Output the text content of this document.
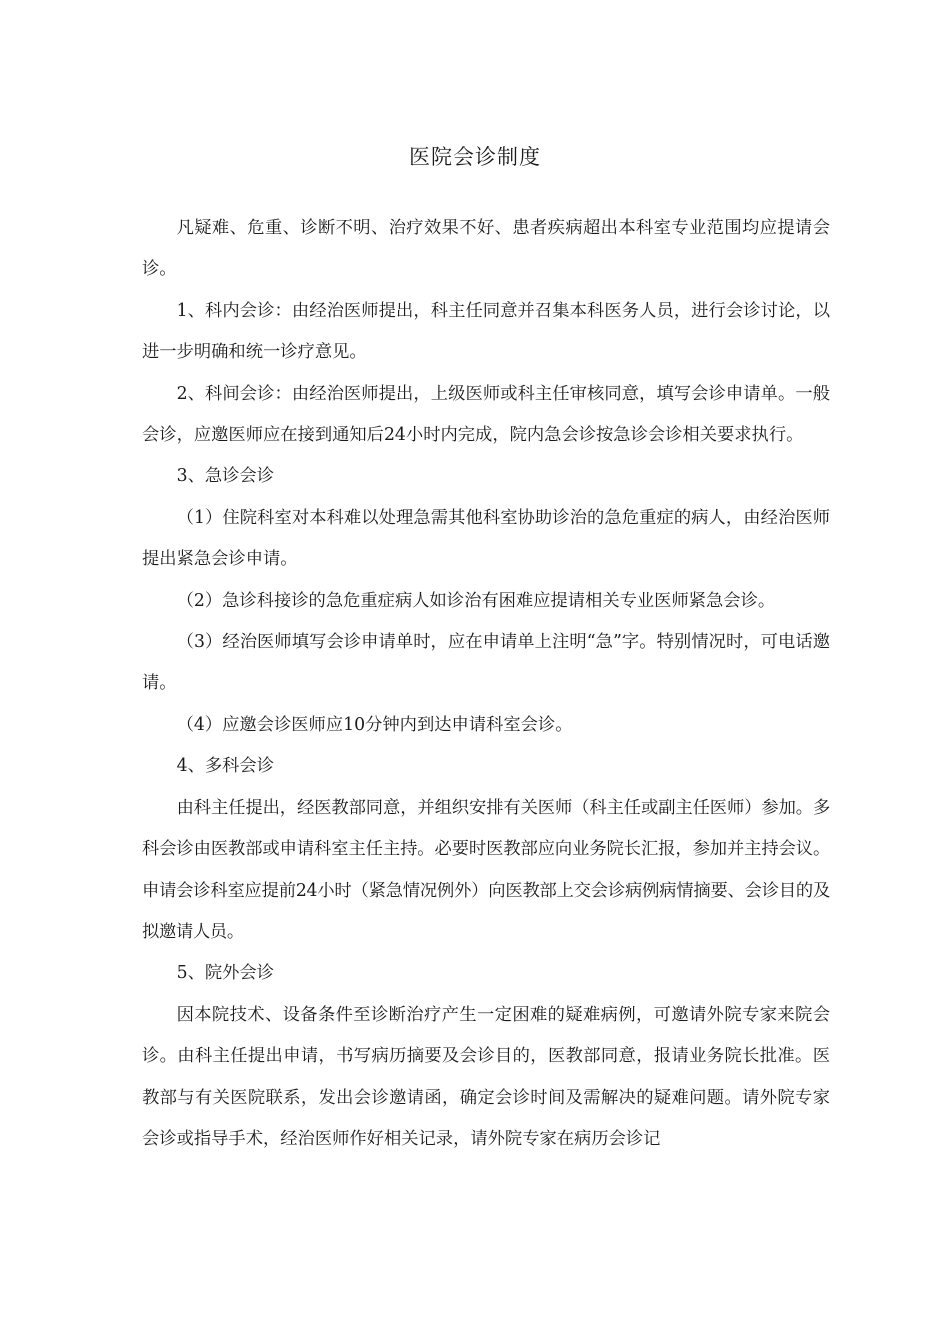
医院会诊制度

凡疑难、危重、诊断不明、治疗效果不好、患者疾病超出本科室专业范围均应提请会诊。

1、科内会诊：由经治医师提出，科主任同意并召集本科医务人员，进行会诊讨论，以进一步明确和统一诊疗意见。

2、科间会诊：由经治医师提出，上级医师或科主任审核同意，填写会诊申请单。一般会诊，应邀医师应在接到通知后24小时内完成，院内急会诊按急诊会诊相关要求执行。

3、急诊会诊

（1）住院科室对本科难以处理急需其他科室协助诊治的急危重症的病人，由经治医师提出紧急会诊申请。

（2）急诊科接诊的急危重症病人如诊治有困难应提请相关专业医师紧急会诊。

（3）经治医师填写会诊申请单时，应在申请单上注明“急”字。特别情况时，可电话邀请。

（4）应邀会诊医师应10分钟内到达申请科室会诊。

4、多科会诊

由科主任提出，经医教部同意，并组织安排有关医师（科主任或副主任医师）参加。多科会诊由医教部或申请科室主任主持。必要时医教部应向业务院长汇报，参加并主持会议。申请会诊科室应提前24小时（紧急情况例外）向医教部上交会诊病例病情摘要、会诊目的及拟邀请人员。

5、院外会诊

因本院技术、设备条件至诊断治疗产生一定困难的疑难病例，可邀请外院专家来院会诊。由科主任提出申请，书写病历摘要及会诊目的，医教部同意，报请业务院长批准。医教部与有关医院联系，发出会诊邀请函，确定会诊时间及需解决的疑难问题。请外院专家会诊或指导手术，经治医师作好相关记录，请外院专家在病历会诊记
